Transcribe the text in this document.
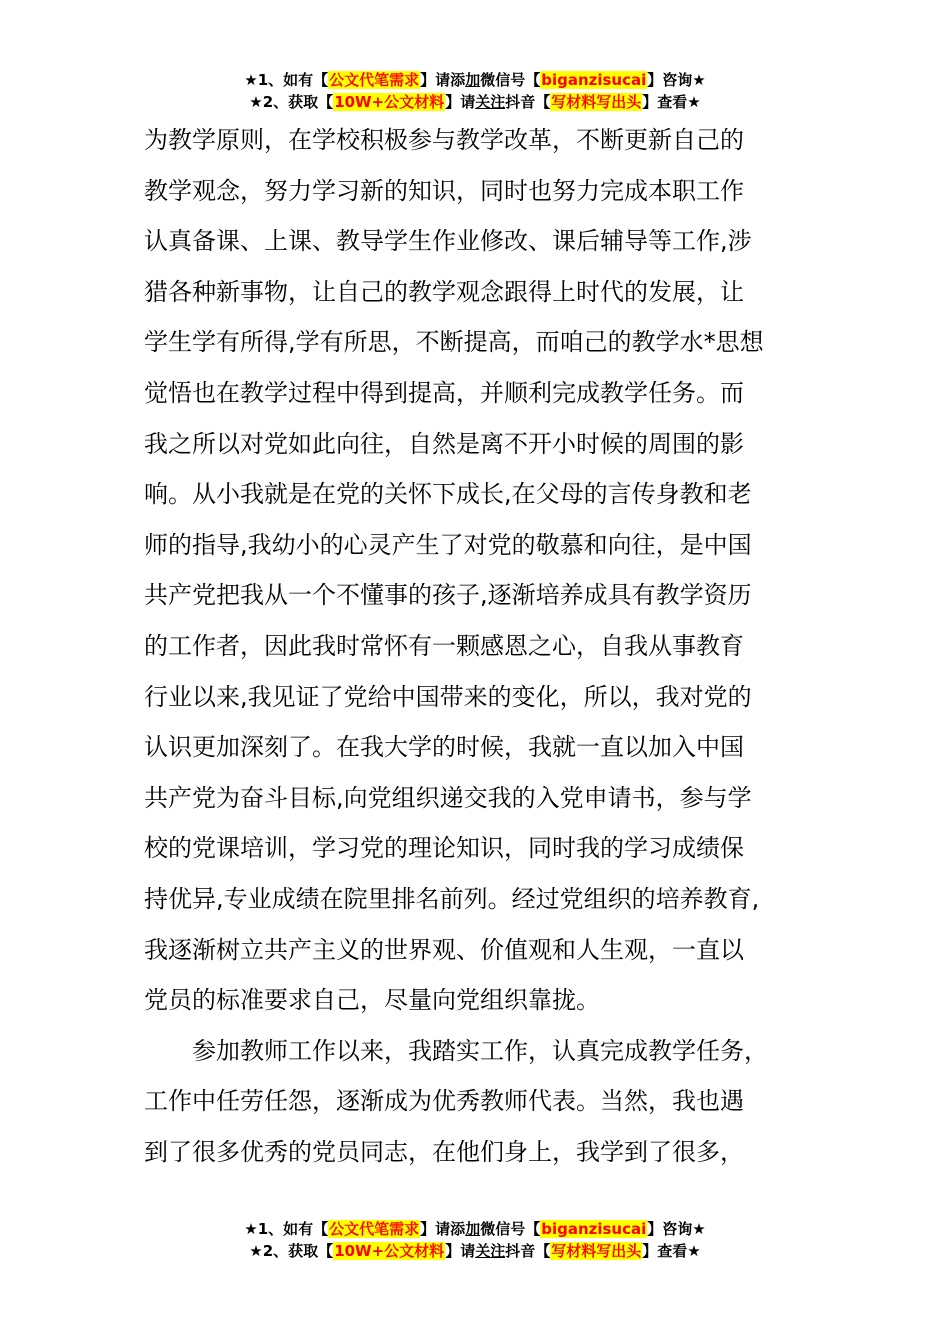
★1、如有【公文代笔需求】请添加微信号【biganzisucai】咨询★
★2、获取【10W+公文材料】请关注抖音【写材料写出头】查看★
为教学原则，在学校积极参与教学改革，不断更新自己的
教学观念，努力学习新的知识，同时也努力完成本职工作
认真备课、上课、教导学生作业修改、课后辅导等工作,涉
猎各种新事物，让自己的教学观念跟得上时代的发展，让
学生学有所得,学有所思，不断提高，而咱己的教学水*思想
觉悟也在教学过程中得到提高，并顺利完成教学任务。而
我之所以对党如此向往，自然是离不开小时候的周围的影
响。从小我就是在党的关怀下成长,在父母的言传身教和老
师的指导,我幼小的心灵产生了对党的敬慕和向往，是中国
共产党把我从一个不懂事的孩子,逐渐培养成具有教学资历
的工作者，因此我时常怀有一颗感恩之心，自我从事教育
行业以来,我见证了党给中国带来的变化，所以，我对党的
认识更加深刻了。在我大学的时候，我就一直以加入中国
共产党为奋斗目标,向党组织递交我的入党申请书，参与学
校的党课培训，学习党的理论知识，同时我的学习成绩保
持优异,专业成绩在院里排名前列。经过党组织的培养教育,
我逐渐树立共产主义的世界观、价值观和人生观，一直以
党员的标准要求自己，尽量向党组织靠拢。
参加教师工作以来，我踏实工作，认真完成教学任务，
工作中任劳任怨，逐渐成为优秀教师代表。当然，我也遇
到了很多优秀的党员同志，在他们身上，我学到了很多，
★1、如有【公文代笔需求】请添加微信号【biganzisucai】咨询★
★2、获取【10W+公文材料】请关注抖音【写材料写出头】查看★
